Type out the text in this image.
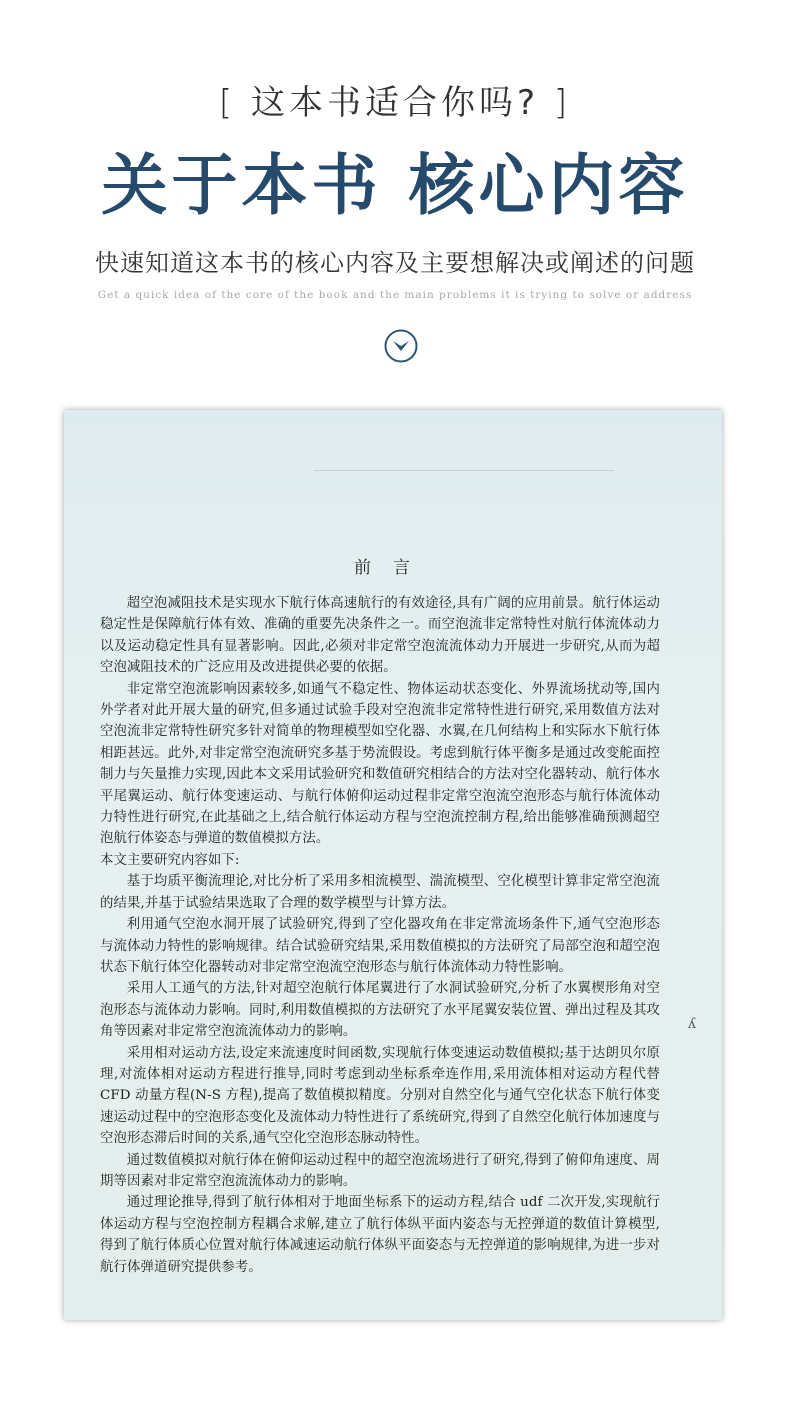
[ 这本书适合你吗? ]
关于本书 核心内容
快速知道这本书的核心内容及主要想解决或阐述的问题
Get a quick idea of the core of the book and the main problems it is trying to solve or address
前言

超空泡减阻技术是实现水下航行体高速航行的有效途径,具有广阔的应用前景。航行体运动稳定性是保障航行体有效、准确的重要先决条件之一。而空泡流非定常特性对航行体流体动力以及运动稳定性具有显著影响。因此,必须对非定常空泡流流体动力开展进一步研究,从而为超空泡减阻技术的广泛应用及改进提供必要的依据。

非定常空泡流影响因素较多,如通气不稳定性、物体运动状态变化、外界流场扰动等,国内外学者对此开展大量的研究,但多通过试验手段对空泡流非定常特性进行研究,采用数值方法对空泡流非定常特性研究多针对简单的物理模型如空化器、水翼,在几何结构上和实际水下航行体相距甚远。此外,对非定常空泡流研究多基于势流假设。考虑到航行体平衡多是通过改变舵面控制力与矢量推力实现,因此本文采用试验研究和数值研究相结合的方法对空化器转动、航行体水平尾翼运动、航行体变速运动、与航行体俯仰运动过程非定常空泡流空泡形态与航行体流体动力特性进行研究,在此基础之上,结合航行体运动方程与空泡流控制方程,给出能够准确预测超空泡航行体姿态与弹道的数值模拟方法。

本文主要研究内容如下:

基于均质平衡流理论,对比分析了采用多相流模型、湍流模型、空化模型计算非定常空泡流的结果,并基于试验结果选取了合理的数学模型与计算方法。

利用通气空泡水洞开展了试验研究,得到了空化器攻角在非定常流场条件下,通气空泡形态与流体动力特性的影响规律。结合试验研究结果,采用数值模拟的方法研究了局部空泡和超空泡状态下航行体空化器转动对非定常空泡流空泡形态与航行体流体动力特性影响。

采用人工通气的方法,针对超空泡航行体尾翼进行了水洞试验研究,分析了水翼楔形角对空泡形态与流体动力影响。同时,利用数值模拟的方法研究了水平尾翼安装位置、弹出过程及其攻角等因素对非定常空泡流流体动力的影响。

采用相对运动方法,设定来流速度时间函数,实现航行体变速运动数值模拟;基于达朗贝尔原理,对流体相对运动方程进行推导,同时考虑到动坐标系牵连作用,采用流体相对运动方程代替 CFD 动量方程(N-S 方程),提高了数值模拟精度。分别对自然空化与通气空化状态下航行体变速运动过程中的空泡形态变化及流体动力特性进行了系统研究,得到了自然空化航行体加速度与空泡形态滞后时间的关系,通气空化空泡形态脉动特性。

通过数值模拟对航行体在俯仰运动过程中的超空泡流场进行了研究,得到了俯仰角速度、周期等因素对非定常空泡流流体动力的影响。

通过理论推导,得到了航行体相对于地面坐标系下的运动方程,结合 udf 二次开发,实现航行体运动方程与空泡控制方程耦合求解,建立了航行体纵平面内姿态与无控弹道的数值计算模型,得到了航行体质心位置对航行体减速运动航行体纵平面姿态与无控弹道的影响规律,为进一步对航行体弹道研究提供参考。

ʎ
